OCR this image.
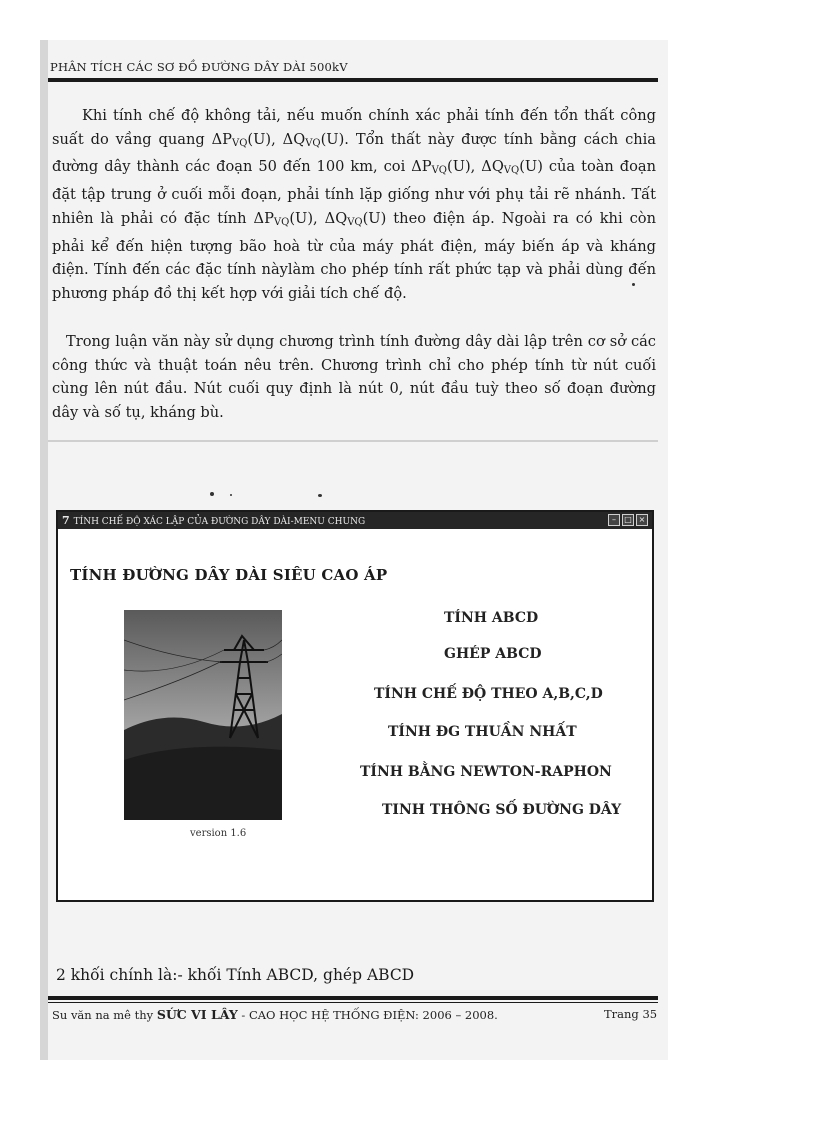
PHÂN TÍCH CÁC SƠ ĐỒ ĐƯỜNG DÂY DÀI 500kV
Khi tính chế độ không tải, nếu muốn chính xác phải tính đến tổn thất công suất do vầng quang $\Delta P_{VQ}(U)$, $\Delta Q_{VQ}(U)$. Tổn thất này được tính bằng cách chia đường dây thành các đoạn 50 đến 100 km, coi $\Delta P_{VQ}(U)$, $\Delta Q_{VQ}(U)$ của toàn đoạn đặt tập trung ở cuối mỗi đoạn, phải tính lặp giống như với phụ tải rẽ nhánh. Tất nhiên là phải có đặc tính $\Delta P_{VQ}(U)$, $\Delta Q_{VQ}(U)$ theo điện áp. Ngoài ra có khi còn phải kể đến hiện tượng bão hoà từ của máy phát điện, máy biến áp và kháng điện. Tính đến các đặc tính nàylàm cho phép tính rất phức tạp và phải dùng đến phương pháp đồ thị kết hợp với giải tích chế độ.
Trong luận văn này sử dụng chương trình tính đường dây dài lập trên cơ sở các công thức và thuật toán nêu trên. Chương trình chỉ cho phép tính từ nút cuối cùng lên nút đầu. Nút cuối quy định là nút 0, nút đầu tuỳ theo số đoạn đường dây và số tụ, kháng bù.
7 TÍNH CHẾ ĐỘ XÁC LẬP CỦA ĐƯỜNG DÂY DÀI-MENU CHUNG	–	□ ×
TÍNH ĐƯỜNG DÂY DÀI SIÊU CAO ÁP
TÍNH ABCD
GHÉP ABCD
TÍNH CHẾ ĐỘ THEO A,B,C,D
TÍNH ĐG THUẦN NHẤT
TÍNH BẰNG NEWTON-RAPHON
TINH THÔNG SỐ ĐƯỜNG DÂY
version 1.6
2 khối chính là:- khối Tính ABCD, ghép ABCD
Su văn na mê thy SỨC VI LÂY - CAO HỌC HỆ THỐNG ĐIỆN: 2006 – 2008.	Trang 35
